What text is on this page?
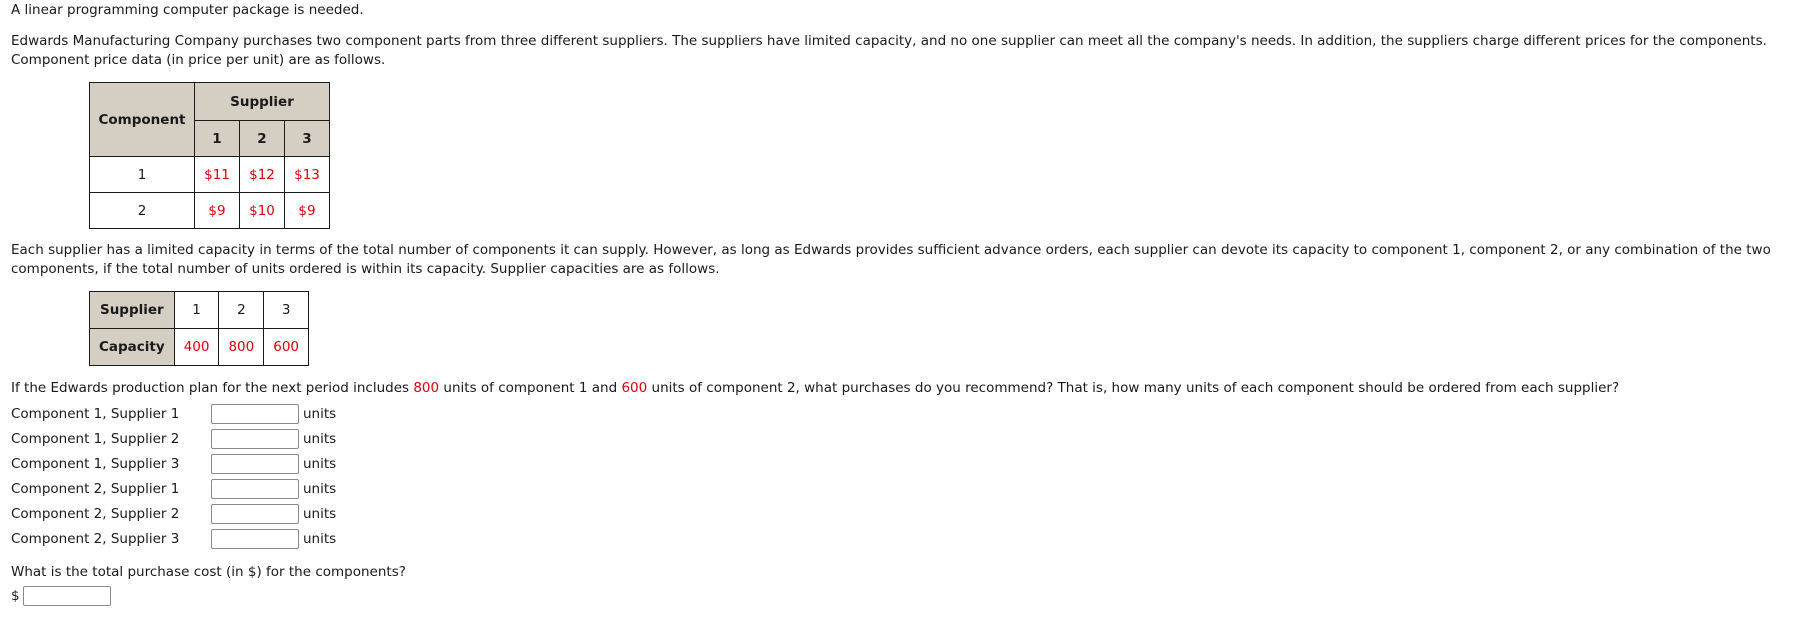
A linear programming computer package is needed.

Edwards Manufacturing Company purchases two component parts from three different suppliers. The suppliers have limited capacity, and no one supplier can meet all the company's needs. In addition, the suppliers charge different prices for the components. Component price data (in price per unit) are as follows.

Component	Supplier		
	1	2	3
1	$11	$12	$13
2	$9	$10	$9

Each supplier has a limited capacity in terms of the total number of components it can supply. However, as long as Edwards provides sufficient advance orders, each supplier can devote its capacity to component 1, component 2, or any combination of the two components, if the total number of units ordered is within its capacity. Supplier capacities are as follows.

Supplier	1	2	3
Capacity	400	800	600

If the Edwards production plan for the next period includes 800 units of component 1 and 600 units of component 2, what purchases do you recommend? That is, how many units of each component should be ordered from each supplier?

Component 1, Supplier 1	units
Component 1, Supplier 2	units
Component 1, Supplier 3	units
Component 2, Supplier 1	units
Component 2, Supplier 2	units
Component 2, Supplier 3	units

What is the total purchase cost (in $) for the components?

$
